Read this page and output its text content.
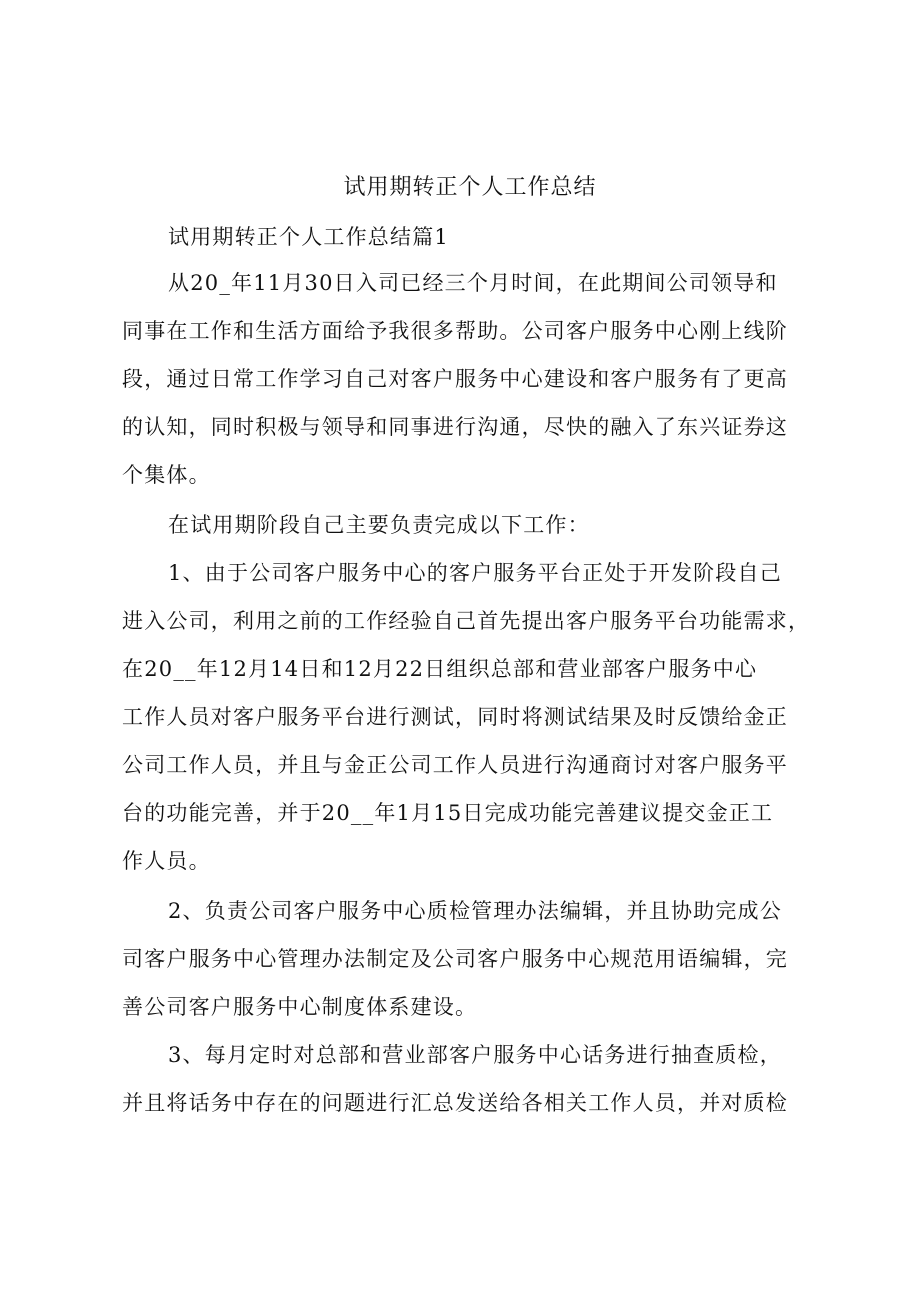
试用期转正个人工作总结
试用期转正个人工作总结篇1
从20_年11月30日入司已经三个月时间，在此期间公司领导和
同事在工作和生活方面给予我很多帮助。公司客户服务中心刚上线阶
段，通过日常工作学习自己对客户服务中心建设和客户服务有了更高
的认知，同时积极与领导和同事进行沟通，尽快的融入了东兴证券这
个集体。
在试用期阶段自己主要负责完成以下工作：
1、由于公司客户服务中心的客户服务平台正处于开发阶段自己
进入公司，利用之前的工作经验自己首先提出客户服务平台功能需求，
在20__年12月14日和12月22日组织总部和营业部客户服务中心
工作人员对客户服务平台进行测试，同时将测试结果及时反馈给金正
公司工作人员，并且与金正公司工作人员进行沟通商讨对客户服务平
台的功能完善，并于20__年1月15日完成功能完善建议提交金正工
作人员。
2、负责公司客户服务中心质检管理办法编辑，并且协助完成公
司客户服务中心管理办法制定及公司客户服务中心规范用语编辑，完
善公司客户服务中心制度体系建设。
3、每月定时对总部和营业部客户服务中心话务进行抽查质检，
并且将话务中存在的问题进行汇总发送给各相关工作人员，并对质检
